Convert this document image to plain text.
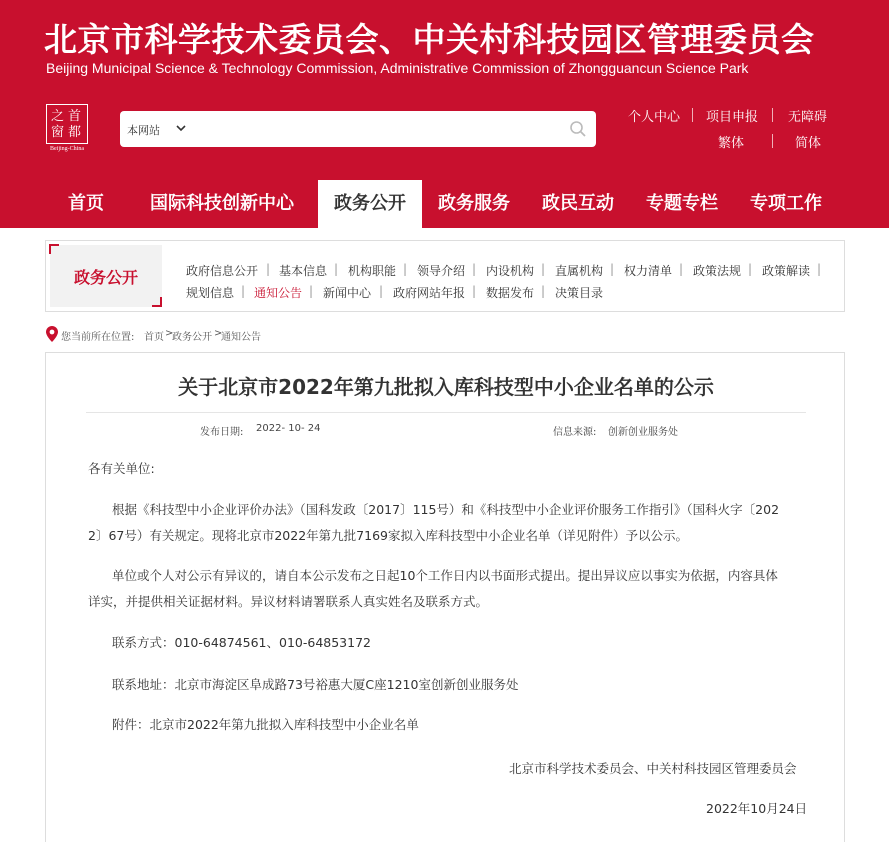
北京市科学技术委员会、中关村科技园区管理委员会
Beijing Municipal Science & Technology Commission, Administrative Commission of Zhongguancun Science Park
首
都
之
窗
Beijing-China
本网站
个人中心 项目申报 无障碍
繁体	简体
首页	国际科技创新中心	政务公开	政务服务	政民互动	专题专栏	专项工作
政务公开	政府信息公开 | 基本信息 | 机构职能 | 领导介绍 | 内设机构 | 直属机构 | 权力清单 | 政策法规 | 政策解读 |
规划信息 | 通知公告 | 新闻中心 | 政府网站年报 | 数据发布 | 决策目录
您当前所在位置: 首页 >
政务公开 >
通知公告
关于北京市2022年第九批拟入库科技型中小企业名单的公示
发布日期: 2022- 10- 24	信息来源: 创新创业服务处
各有关单位:
根据《科技型中小企业评价办法》（国科发政〔2017〕115号）和《科技型中小企业评价服务工作指引》（国科火字〔202
2〕67号）有关规定。现将北京市2022年第九批7169家拟入库科技型中小企业名单（详见附件）予以公示。
单位或个人对公示有异议的，请自本公示发布之日起10个工作日内以书面形式提出。提出异议应以事实为依据，内容具体
详实，并提供相关证据材料。异议材料请署联系人真实姓名及联系方式。
联系方式：010-64874561、010-64853172
联系地址：北京市海淀区阜成路73号裕惠大厦C座1210室创新创业服务处
附件：北京市2022年第九批拟入库科技型中小企业名单
北京市科学技术委员会、中关村科技园区管理委员会
2022年10月24日
